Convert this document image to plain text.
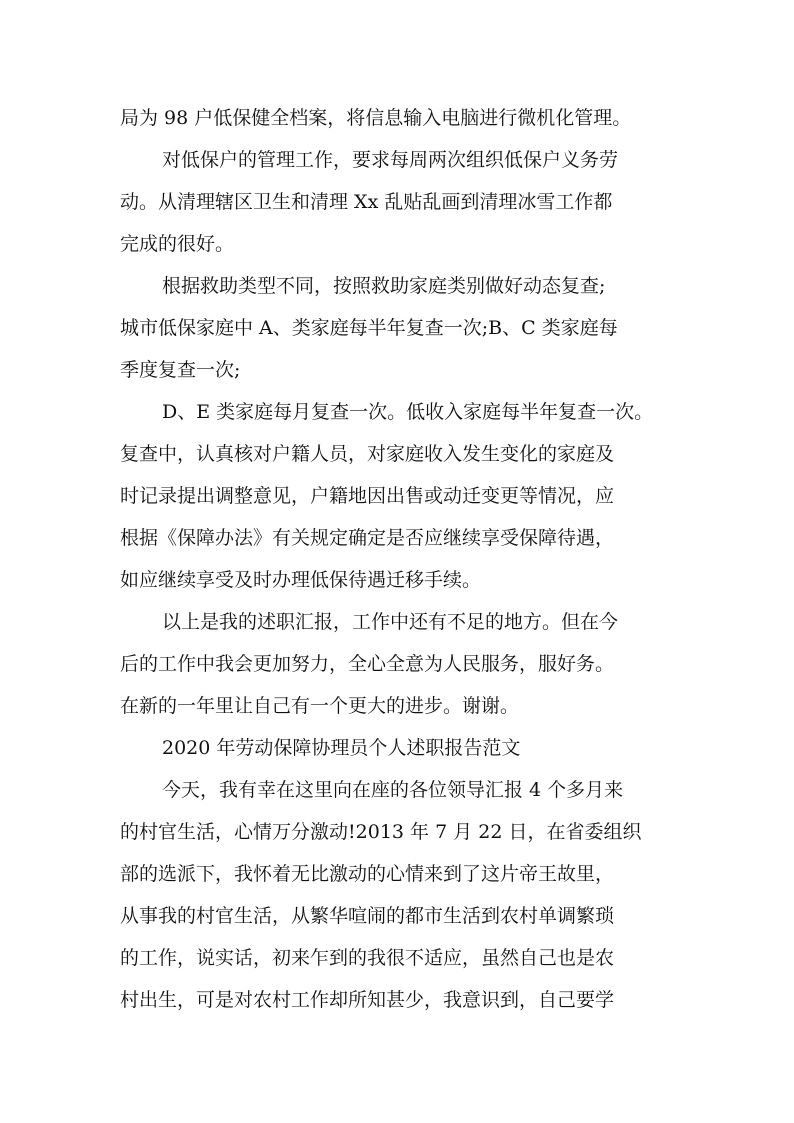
局为 98 户低保健全档案，将信息输入电脑进行微机化管理。
对低保户的管理工作，要求每周两次组织低保户义务劳
动。从清理辖区卫生和清理 Xx 乱贴乱画到清理冰雪工作都
完成的很好。
根据救助类型不同，按照救助家庭类别做好动态复查;
城市低保家庭中 A、类家庭每半年复查一次;B、C 类家庭每
季度复查一次;
D、E 类家庭每月复查一次。低收入家庭每半年复查一次。
复查中，认真核对户籍人员，对家庭收入发生变化的家庭及
时记录提出调整意见，户籍地因出售或动迁变更等情况，应
根据《保障办法》有关规定确定是否应继续享受保障待遇，
如应继续享受及时办理低保待遇迁移手续。
以上是我的述职汇报，工作中还有不足的地方。但在今
后的工作中我会更加努力，全心全意为人民服务，服好务。
在新的一年里让自己有一个更大的进步。谢谢。
2020 年劳动保障协理员个人述职报告范文
今天，我有幸在这里向在座的各位领导汇报 4 个多月来
的村官生活，心情万分激动!2013 年 7 月 22 日，在省委组织
部的选派下，我怀着无比激动的心情来到了这片帝王故里，
从事我的村官生活，从繁华喧闹的都市生活到农村单调繁琐
的工作，说实话，初来乍到的我很不适应，虽然自己也是农
村出生，可是对农村工作却所知甚少，我意识到，自己要学
